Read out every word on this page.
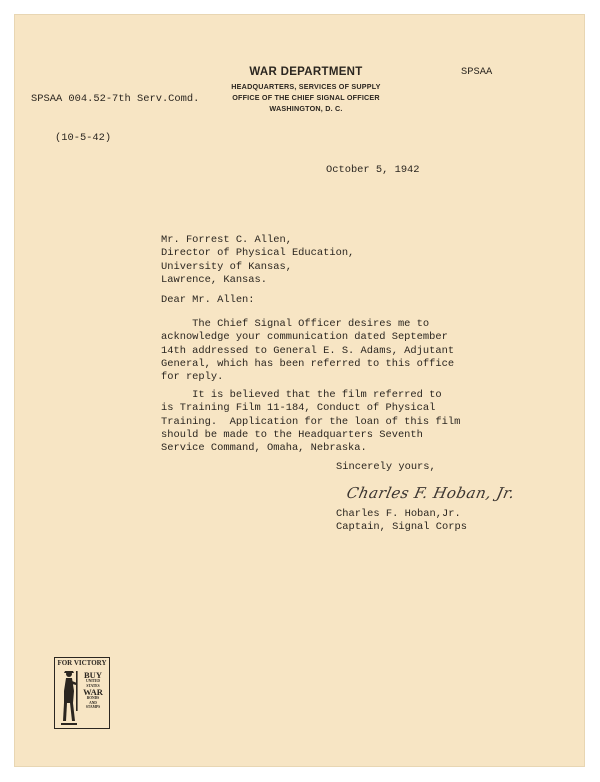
SPSAA 004.52-7th Serv.Comd.

(10-5-42)

SPSAA
WAR DEPARTMENT
HEADQUARTERS, SERVICES OF SUPPLY
OFFICE OF THE CHIEF SIGNAL OFFICER
WASHINGTON, D. C.
October 5, 1942
Mr. Forrest C. Allen,
Director of Physical Education,
University of Kansas,
Lawrence, Kansas.
Dear Mr. Allen:
The Chief Signal Officer desires me to
acknowledge your communication dated September
14th addressed to General E. S. Adams, Adjutant
General, which has been referred to this office
for reply.
It is believed that the film referred to
is Training Film 11-184, Conduct of Physical
Training.  Application for the loan of this film
should be made to the Headquarters Seventh
Service Command, Omaha, Nebraska.
Sincerely yours,
Charles F. Hoban, Jr.
Charles F. Hoban,Jr.
Captain, Signal Corps
FOR VICTORY
BUY
UNITED
STATES
WAR
BONDS
AND
STAMPS
